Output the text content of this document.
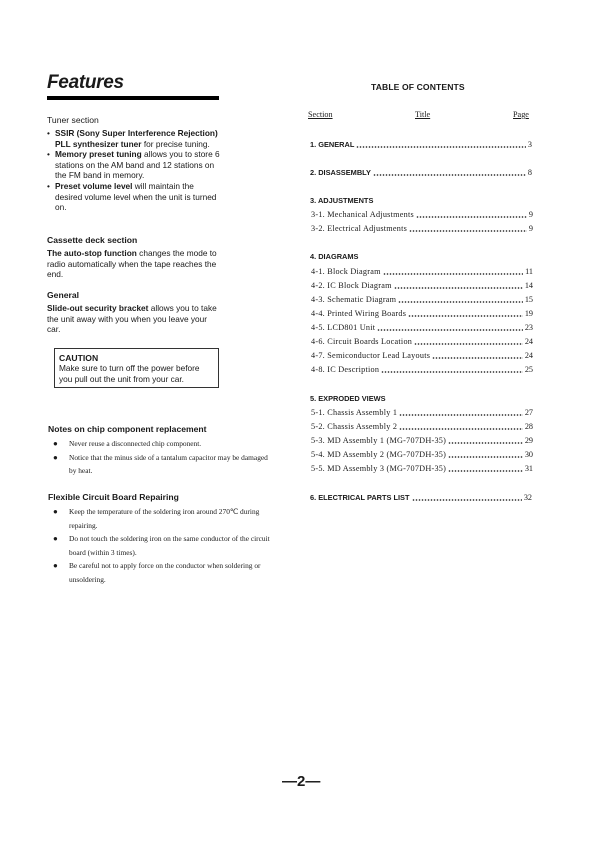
Features
Tuner section
• SSIR (Sony Super Interference Rejection) PLL synthesizer tuner for precise tuning.
• Memory preset tuning allows you to store 6 stations on the AM band and 12 stations on the FM band in memory.
• Preset volume level will maintain the desired volume level when the unit is turned on.
Cassette deck section
The auto-stop function changes the mode to radio automatically when the tape reaches the end.
General
Slide-out security bracket allows you to take the unit away with you when you leave your car.
CAUTION
Make sure to turn off the power before you pull out the unit from your car.
Notes on chip component replacement
● Never reuse a disconnected chip component.
● Notice that the minus side of a tantalum capacitor may be damaged by heat.
Flexible Circuit Board Repairing
● Keep the temperature of the soldering iron around 270℃ during repairing.
● Do not touch the soldering iron on the same conductor of the circuit board (within 3 times).
● Be careful not to apply force on the conductor when soldering or unsoldering.
TABLE OF CONTENTS
Section	Title	Page
1. GENERAL	3
2. DISASSEMBLY	8
3. ADJUSTMENTS
3-1. Mechanical Adjustments	9
3-2. Electrical Adjustments	9
4. DIAGRAMS
4-1. Block Diagram	11
4-2. IC Block Diagram	14
4-3. Schematic Diagram	15
4-4. Printed Wiring Boards	19
4-5. LCD801 Unit	23
4-6. Circuit Boards Location	24
4-7. Semiconductor Lead Layouts	24
4-8. IC Description	25
5. EXPRODED VIEWS
5-1. Chassis Assembly 1	27
5-2. Chassis Assembly 2	28
5-3. MD Assembly 1 (MG-707DH-35)	29
5-4. MD Assembly 2 (MG-707DH-35)	30
5-5. MD Assembly 3 (MG-707DH-35)	31
6. ELECTRICAL PARTS LIST	32
—2—
